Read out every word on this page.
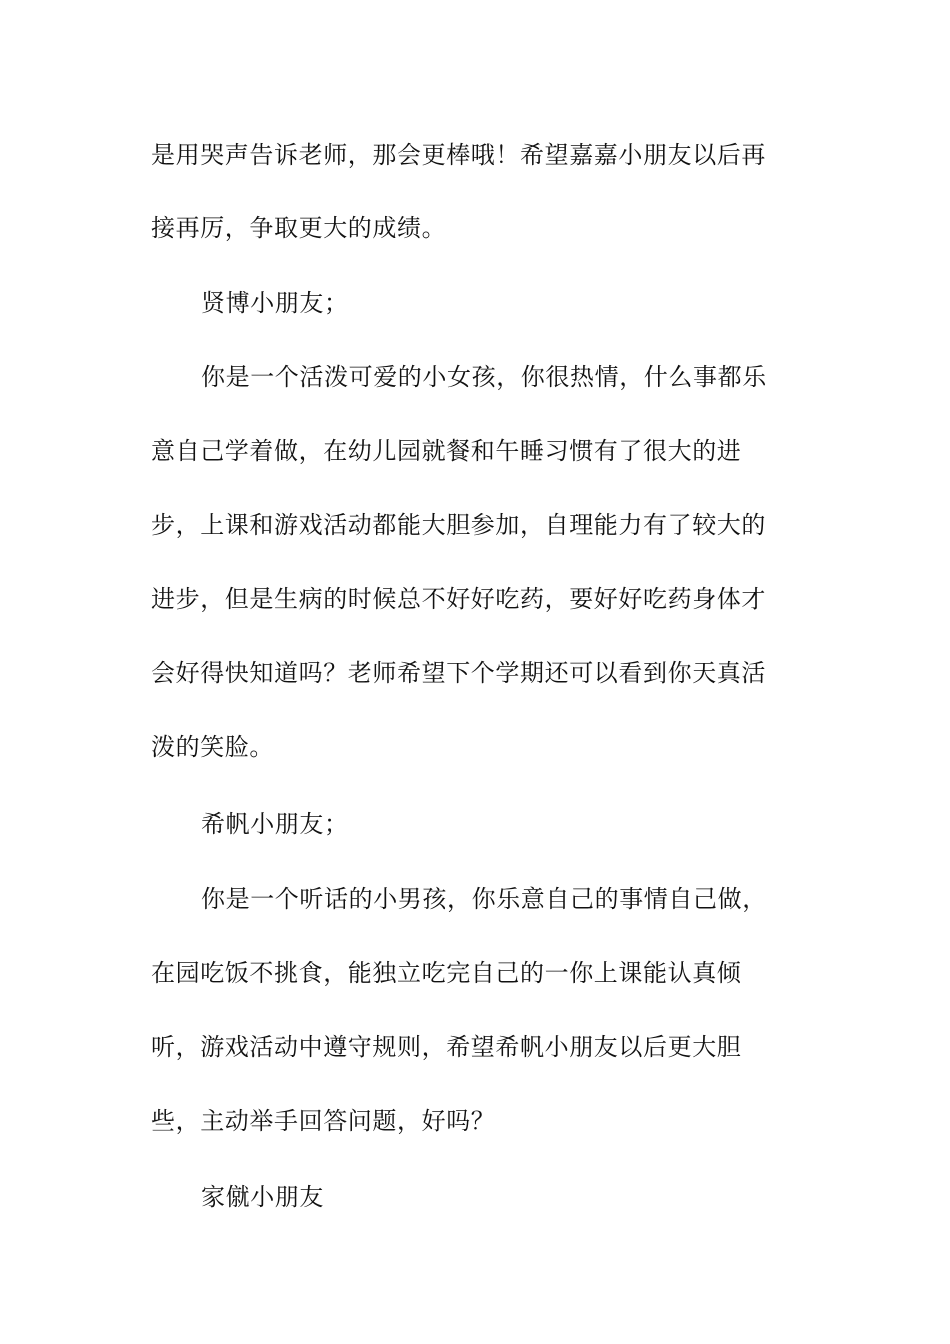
是用哭声告诉老师，那会更棒哦！希望嘉嘉小朋友以后再
接再厉，争取更大的成绩。
贤博小朋友；
你是一个活泼可爱的小女孩，你很热情，什么事都乐
意自己学着做，在幼儿园就餐和午睡习惯有了很大的进
步，上课和游戏活动都能大胆参加，自理能力有了较大的
进步，但是生病的时候总不好好吃药，要好好吃药身体才
会好得快知道吗？老师希望下个学期还可以看到你天真活
泼的笑脸。
希帆小朋友；
你是一个听话的小男孩，你乐意自己的事情自己做，
在园吃饭不挑食，能独立吃完自己的一你上课能认真倾
听，游戏活动中遵守规则，希望希帆小朋友以后更大胆
些，主动举手回答问题，好吗？
家僦小朋友
